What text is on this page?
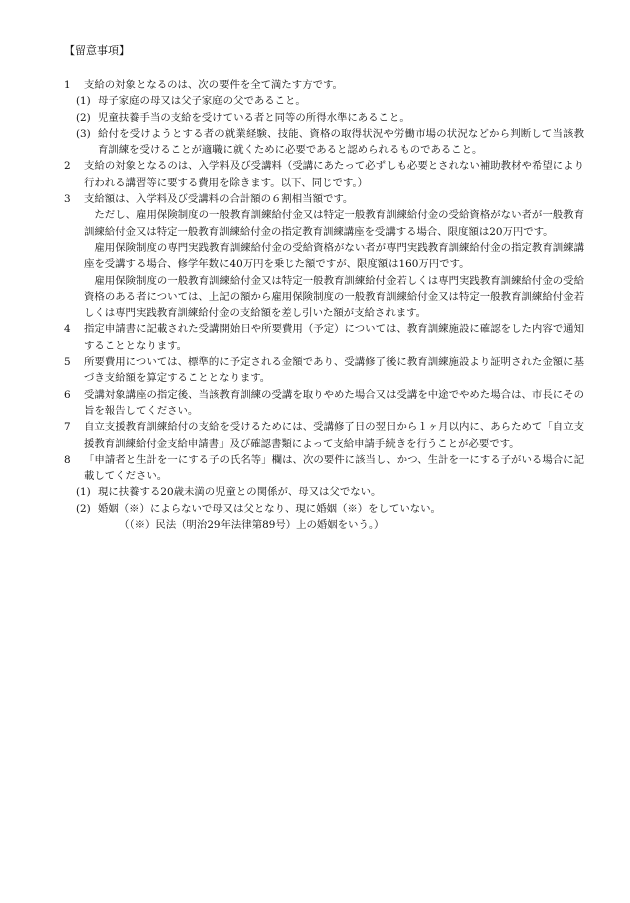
【留意事項】
1	支給の対象となるのは、次の要件を全て満たす方です。
(1) 母子家庭の母又は父子家庭の父であること。
(2) 児童扶養手当の支給を受けている者と同等の所得水準にあること。
(3) 給付を受けようとする者の就業経験、技能、資格の取得状況や労働市場の状況などから判断して当該教育訓練を受けることが適職に就くために必要であると認められるものであること。
2	支給の対象となるのは、入学料及び受講料（受講にあたって必ずしも必要とされない補助教材や希望により行われる講習等に要する費用を除きます。以下、同じです。）
3	支給額は、入学料及び受講料の合計額の６割相当額です。
ただし、雇用保険制度の一般教育訓練給付金又は特定一般教育訓練給付金の受給資格がない者が一般教育訓練給付金又は特定一般教育訓練給付金の指定教育訓練講座を受講する場合、限度額は20万円です。
雇用保険制度の専門実践教育訓練給付金の受給資格がない者が専門実践教育訓練給付金の指定教育訓練講座を受講する場合、修学年数に40万円を乗じた額ですが、限度額は160万円です。
雇用保険制度の一般教育訓練給付金又は特定一般教育訓練給付金若しくは専門実践教育訓練給付金の受給資格のある者については、上記の額から雇用保険制度の一般教育訓練給付金又は特定一般教育訓練給付金若しくは専門実践教育訓練給付金の支給額を差し引いた額が支給されます。
4	指定申請書に記載された受講開始日や所要費用（予定）については、教育訓練施設に確認をした内容で通知することとなります。
5	所要費用については、標準的に予定される金額であり、受講修了後に教育訓練施設より証明された金額に基づき支給額を算定することとなります。
6	受講対象講座の指定後、当該教育訓練の受講を取りやめた場合又は受講を中途でやめた場合は、市長にその旨を報告してください。
7	自立支援教育訓練給付の支給を受けるためには、受講修了日の翌日から１ヶ月以内に、あらためて「自立支援教育訓練給付金支給申請書」及び確認書類によって支給申請手続きを行うことが必要です。
8	「申請者と生計を一にする子の氏名等」欄は、次の要件に該当し、かつ、生計を一にする子がいる場合に記載してください。
(1) 現に扶養する20歳未満の児童との関係が、母又は父でない。
(2) 婚姻（※）によらないで母又は父となり、現に婚姻（※）をしていない。
（（※）民法（明治29年法律第89号）上の婚姻をいう。）
